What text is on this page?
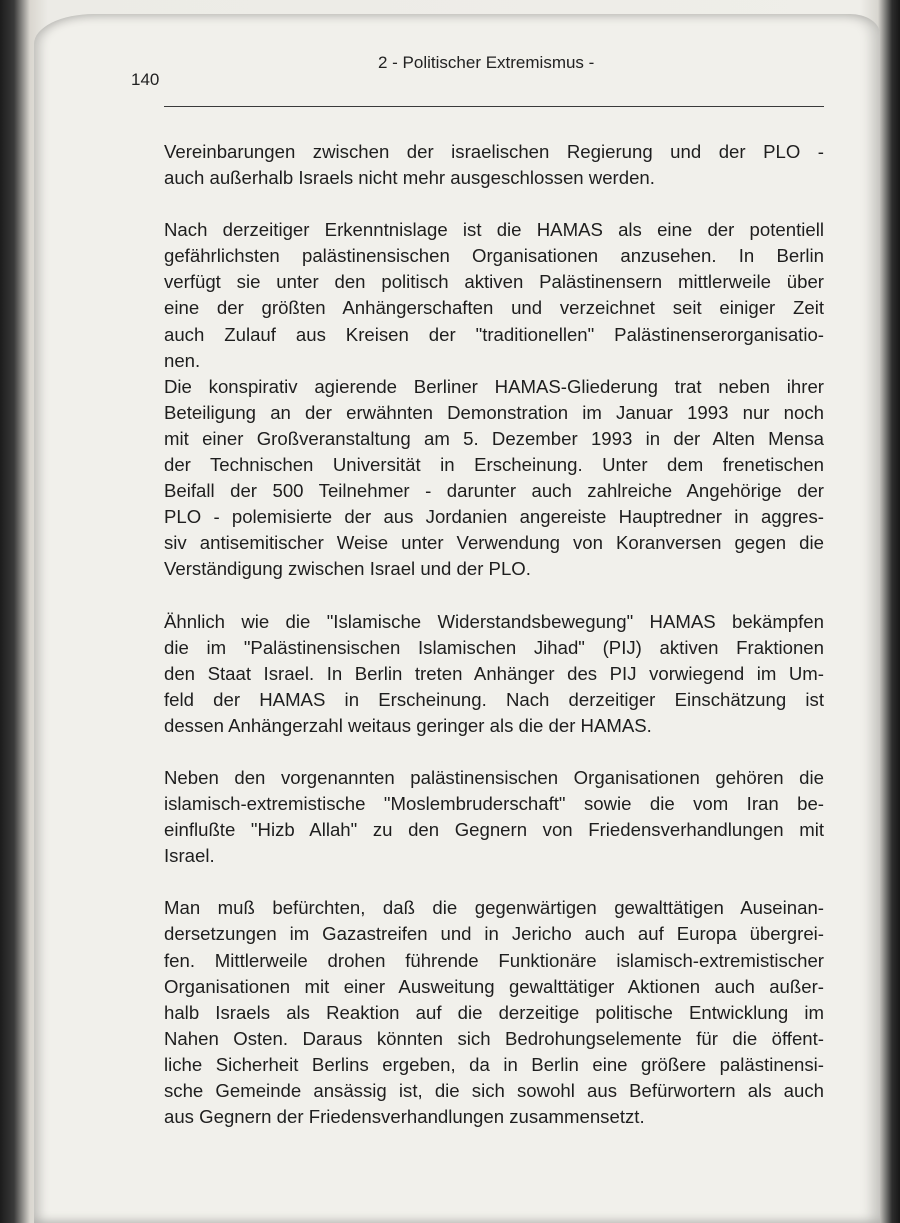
2 - Politischer Extremismus -
140

Vereinbarungen zwischen der israelischen Regierung und der PLO -
auch außerhalb Israels nicht mehr ausgeschlossen werden.

Nach derzeitiger Erkenntnislage ist die HAMAS als eine der potentiell
gefährlichsten palästinensischen Organisationen anzusehen. In Berlin
verfügt sie unter den politisch aktiven Palästinensern mittlerweile über
eine der größten Anhängerschaften und verzeichnet seit einiger Zeit
auch Zulauf aus Kreisen der "traditionellen" Palästinenserorganisatio-
nen.

Die konspirativ agierende Berliner HAMAS-Gliederung trat neben ihrer
Beteiligung an der erwähnten Demonstration im Januar 1993 nur noch
mit einer Großveranstaltung am 5. Dezember 1993 in der Alten Mensa
der Technischen Universität in Erscheinung. Unter dem frenetischen
Beifall der 500 Teilnehmer - darunter auch zahlreiche Angehörige der
PLO - polemisierte der aus Jordanien angereiste Hauptredner in aggres-
siv antisemitischer Weise unter Verwendung von Koranversen gegen die
Verständigung zwischen Israel und der PLO.

Ähnlich wie die "Islamische Widerstandsbewegung" HAMAS bekämpfen
die im "Palästinensischen Islamischen Jihad" (PIJ) aktiven Fraktionen
den Staat Israel. In Berlin treten Anhänger des PIJ vorwiegend im Um-
feld der HAMAS in Erscheinung. Nach derzeitiger Einschätzung ist
dessen Anhängerzahl weitaus geringer als die der HAMAS.

Neben den vorgenannten palästinensischen Organisationen gehören die
islamisch-extremistische "Moslembruderschaft" sowie die vom Iran be-
einflußte "Hizb Allah" zu den Gegnern von Friedensverhandlungen mit
Israel.

Man muß befürchten, daß die gegenwärtigen gewalttätigen Auseinan-
dersetzungen im Gazastreifen und in Jericho auch auf Europa übergrei-
fen. Mittlerweile drohen führende Funktionäre islamisch-extremistischer
Organisationen mit einer Ausweitung gewalttätiger Aktionen auch außer-
halb Israels als Reaktion auf die derzeitige politische Entwicklung im
Nahen Osten. Daraus könnten sich Bedrohungselemente für die öffent-
liche Sicherheit Berlins ergeben, da in Berlin eine größere palästinensi-
sche Gemeinde ansässig ist, die sich sowohl aus Befürwortern als auch
aus Gegnern der Friedensverhandlungen zusammensetzt.
